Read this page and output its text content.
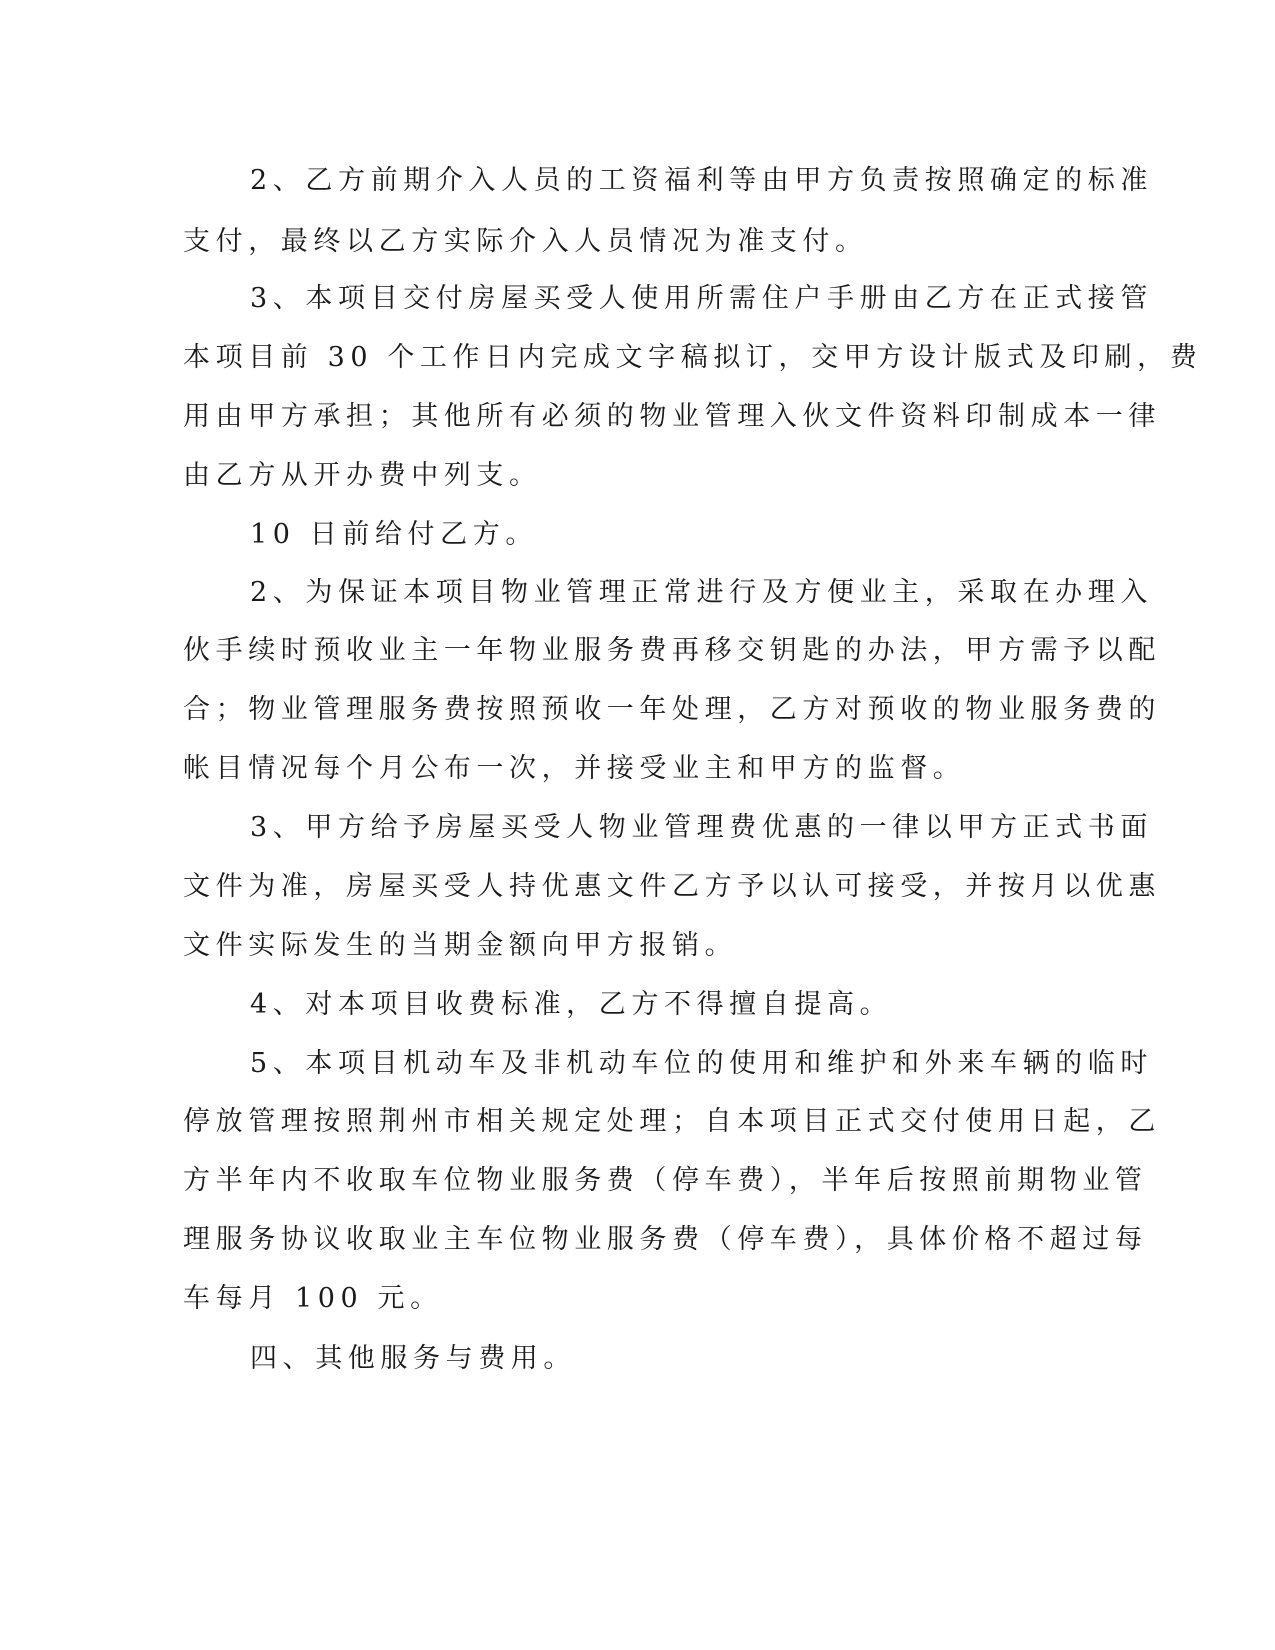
2、乙方前期介入人员的工资福利等由甲方负责按照确定的标准

支付，最终以乙方实际介入人员情况为准支付。

3、本项目交付房屋买受人使用所需住户手册由乙方在正式接管

本项目前 30 个工作日内完成文字稿拟订，交甲方设计版式及印刷，费

用由甲方承担；其他所有必须的物业管理入伙文件资料印制成本一律

由乙方从开办费中列支。

10 日前给付乙方。

2、为保证本项目物业管理正常进行及方便业主，采取在办理入

伙手续时预收业主一年物业服务费再移交钥匙的办法，甲方需予以配

合；物业管理服务费按照预收一年处理，乙方对预收的物业服务费的

帐目情况每个月公布一次，并接受业主和甲方的监督。

3、甲方给予房屋买受人物业管理费优惠的一律以甲方正式书面

文件为准，房屋买受人持优惠文件乙方予以认可接受，并按月以优惠

文件实际发生的当期金额向甲方报销。

4、对本项目收费标准，乙方不得擅自提高。

5、本项目机动车及非机动车位的使用和维护和外来车辆的临时

停放管理按照荆州市相关规定处理；自本项目正式交付使用日起，乙

方半年内不收取车位物业服务费（停车费），半年后按照前期物业管

理服务协议收取业主车位物业服务费（停车费），具体价格不超过每

车每月 100 元。

四、其他服务与费用。
